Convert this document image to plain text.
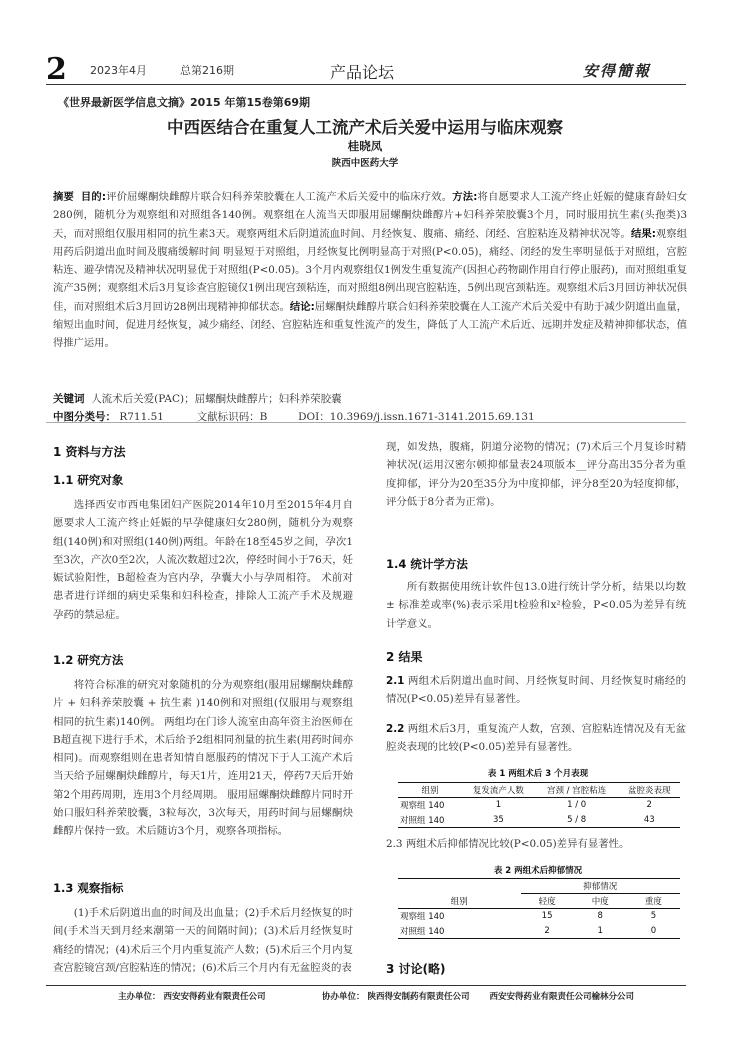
2 2023年4月	总第216期	产品论坛	安得簡報
《世界最新医学信息文摘》2015 年第15卷第69期
中西医结合在重复人工流产术后关爱中运用与临床观察
桂晓凤
陕西中医药大学
摘要 目的:评价屈螺酮炔雌醇片联合妇科养荣胶囊在人工流产术后关爱中的临床疗效。方法:将自愿要求人工流产终止妊娠的健康育龄妇女280例，随机分为观察组和对照组各140例。观察组在人流当天即服用屈螺酮炔雌醇片+妇科养荣胶囊3个月，同时服用抗生素(头孢类)3天，而对照组仅服用相同的抗生素3天。观察两组术后阴道流血时间、月经恢复、腹痛、痛经、闭经、宫腔粘连及精神状况等。结果:观察组用药后阴道出血时间及腹痛缓解时间 明显短于对照组，月经恢复比例明显高于对照(P<0.05)，痛经、闭经的发生率明显低于对照组，宫腔粘连、避孕情况及精神状况明显优于对照组(P<0.05)。3个月内观察组仅1例发生重复流产(因担心药物副作用自行停止服药)，而对照组重复流产35例；观察组术后3月复诊查宫腔镜仅1例出现宫颈粘连，而对照组8例出现宫腔粘连，5例出现宫颈粘连。观察组术后3月回访神状况俱佳，而对照组术后3月回访28例出现精神抑郁状态。结论:屈螺酮炔雌醇片联合妇科养荣胶囊在人工流产术后关爱中有助于减少阴道出血量，缩短出血时间，促进月经恢复，减少痛经、闭经、宫腔粘连和重复性流产的发生，降低了人工流产术后近、远期并发症及精神抑郁状态，值得推广运用。
关键词 人流术后关爱(PAC)；屈螺酮炔雌醇片；妇科养荣胶囊
中图分类号： R711.51	文献标识码：B	DOI：10.3969/j.issn.1671-3141.2015.69.131
1 资料与方法
1.1 研究对象
选择西安市西电集团妇产医院2014年10月至2015年4月自愿要求人工流产终止妊娠的早孕健康妇女280例，随机分为观察组(140例)和对照组(140例)两组。年龄在18至45岁之间，孕次1至3次，产次0至2次，人流次数超过2次，停经时间小于76天，妊娠试验阳性，B超检查为宫内孕，孕囊大小与孕周相符。 术前对患者进行详细的病史采集和妇科检查，排除人工流产手术及规避孕药的禁忌症。
1.2 研究方法
将符合标准的研究对象随机的分为观察组(服用屈螺酮炔雌醇片 + 妇科养荣胶囊 + 抗生素 )140例和对照组(仅服用与观察组相同的抗生素)140例。 两组均在门诊人流室由高年资主治医师在B超直视下进行手术，术后给予2组相同剂量的抗生素(用药时间亦相同)。而观察组则在患者知情自愿服药的情况下于人工流产术后当天给予屈螺酮炔雌醇片，每天1片，连用21天，停药7天后开始第2个用药周期，连用3个月经周期。 服用屈螺酮炔雌醇片同时开始口服妇科养荣胶囊，3粒每次，3次每天，用药时间与屈螺酮炔雌醇片保持一致。术后随访3个月，观察各项指标。
1.3 观察指标
(1)手术后阴道出血的时间及出血量；(2)手术后月经恢复的时间(手术当天到月经来潮第一天的间隔时间)；(3)术后月经恢复时痛经的情况；(4)术后三个月内重复流产人数；(5)术后三个月内复查宫腔镜宫颈/宫腔粘连的情况；(6)术后三个月内有无盆腔炎的表
现，如发热，腹痛，阴道分泌物的情况；(7)术后三个月复诊时精神状况(运用汉密尔顿抑郁量表24项版本__评分高出35分者为重度抑郁，评分为20至35分为中度抑郁，评分8至20为轻度抑郁，评分低于8分者为正常)。
1.4 统计学方法
所有数据使用统计软件包13.0进行统计学分析，结果以均数 ± 标准差或率(%)表示采用t检验和x²检验，P<0.05为差异有统计学意义。
2 结果
2.1 两组术后阴道出血时间、月经恢复时间、月经恢复时痛经的情况(P<0.05)差异有显著性。
2.2 两组术后3月，重复流产人数，宫颈、宫腔粘连情况及有无盆腔炎表现的比较(P<0.05)差异有显著性。
表 1 两组术后 3 个月表现
组别	复发流产人数	宫颈 / 宫腔粘连	盆腔炎表现
观察组 140	1	1 / 0	2
对照组 140	35	5 / 8	43
2.3 两组术后抑郁情况比较(P<0.05)差异有显著性。
表 2 两组术后抑郁情况
	抑郁情况		
组别	轻度	中度	重度
观察组 140	15	8	5
对照组 140	2	1	0
3 讨论(略)
主办单位： 西安安得药业有限责任公司	协办单位： 陕西得安制药有限责任公司 西安安得药业有限责任公司榆林分公司
